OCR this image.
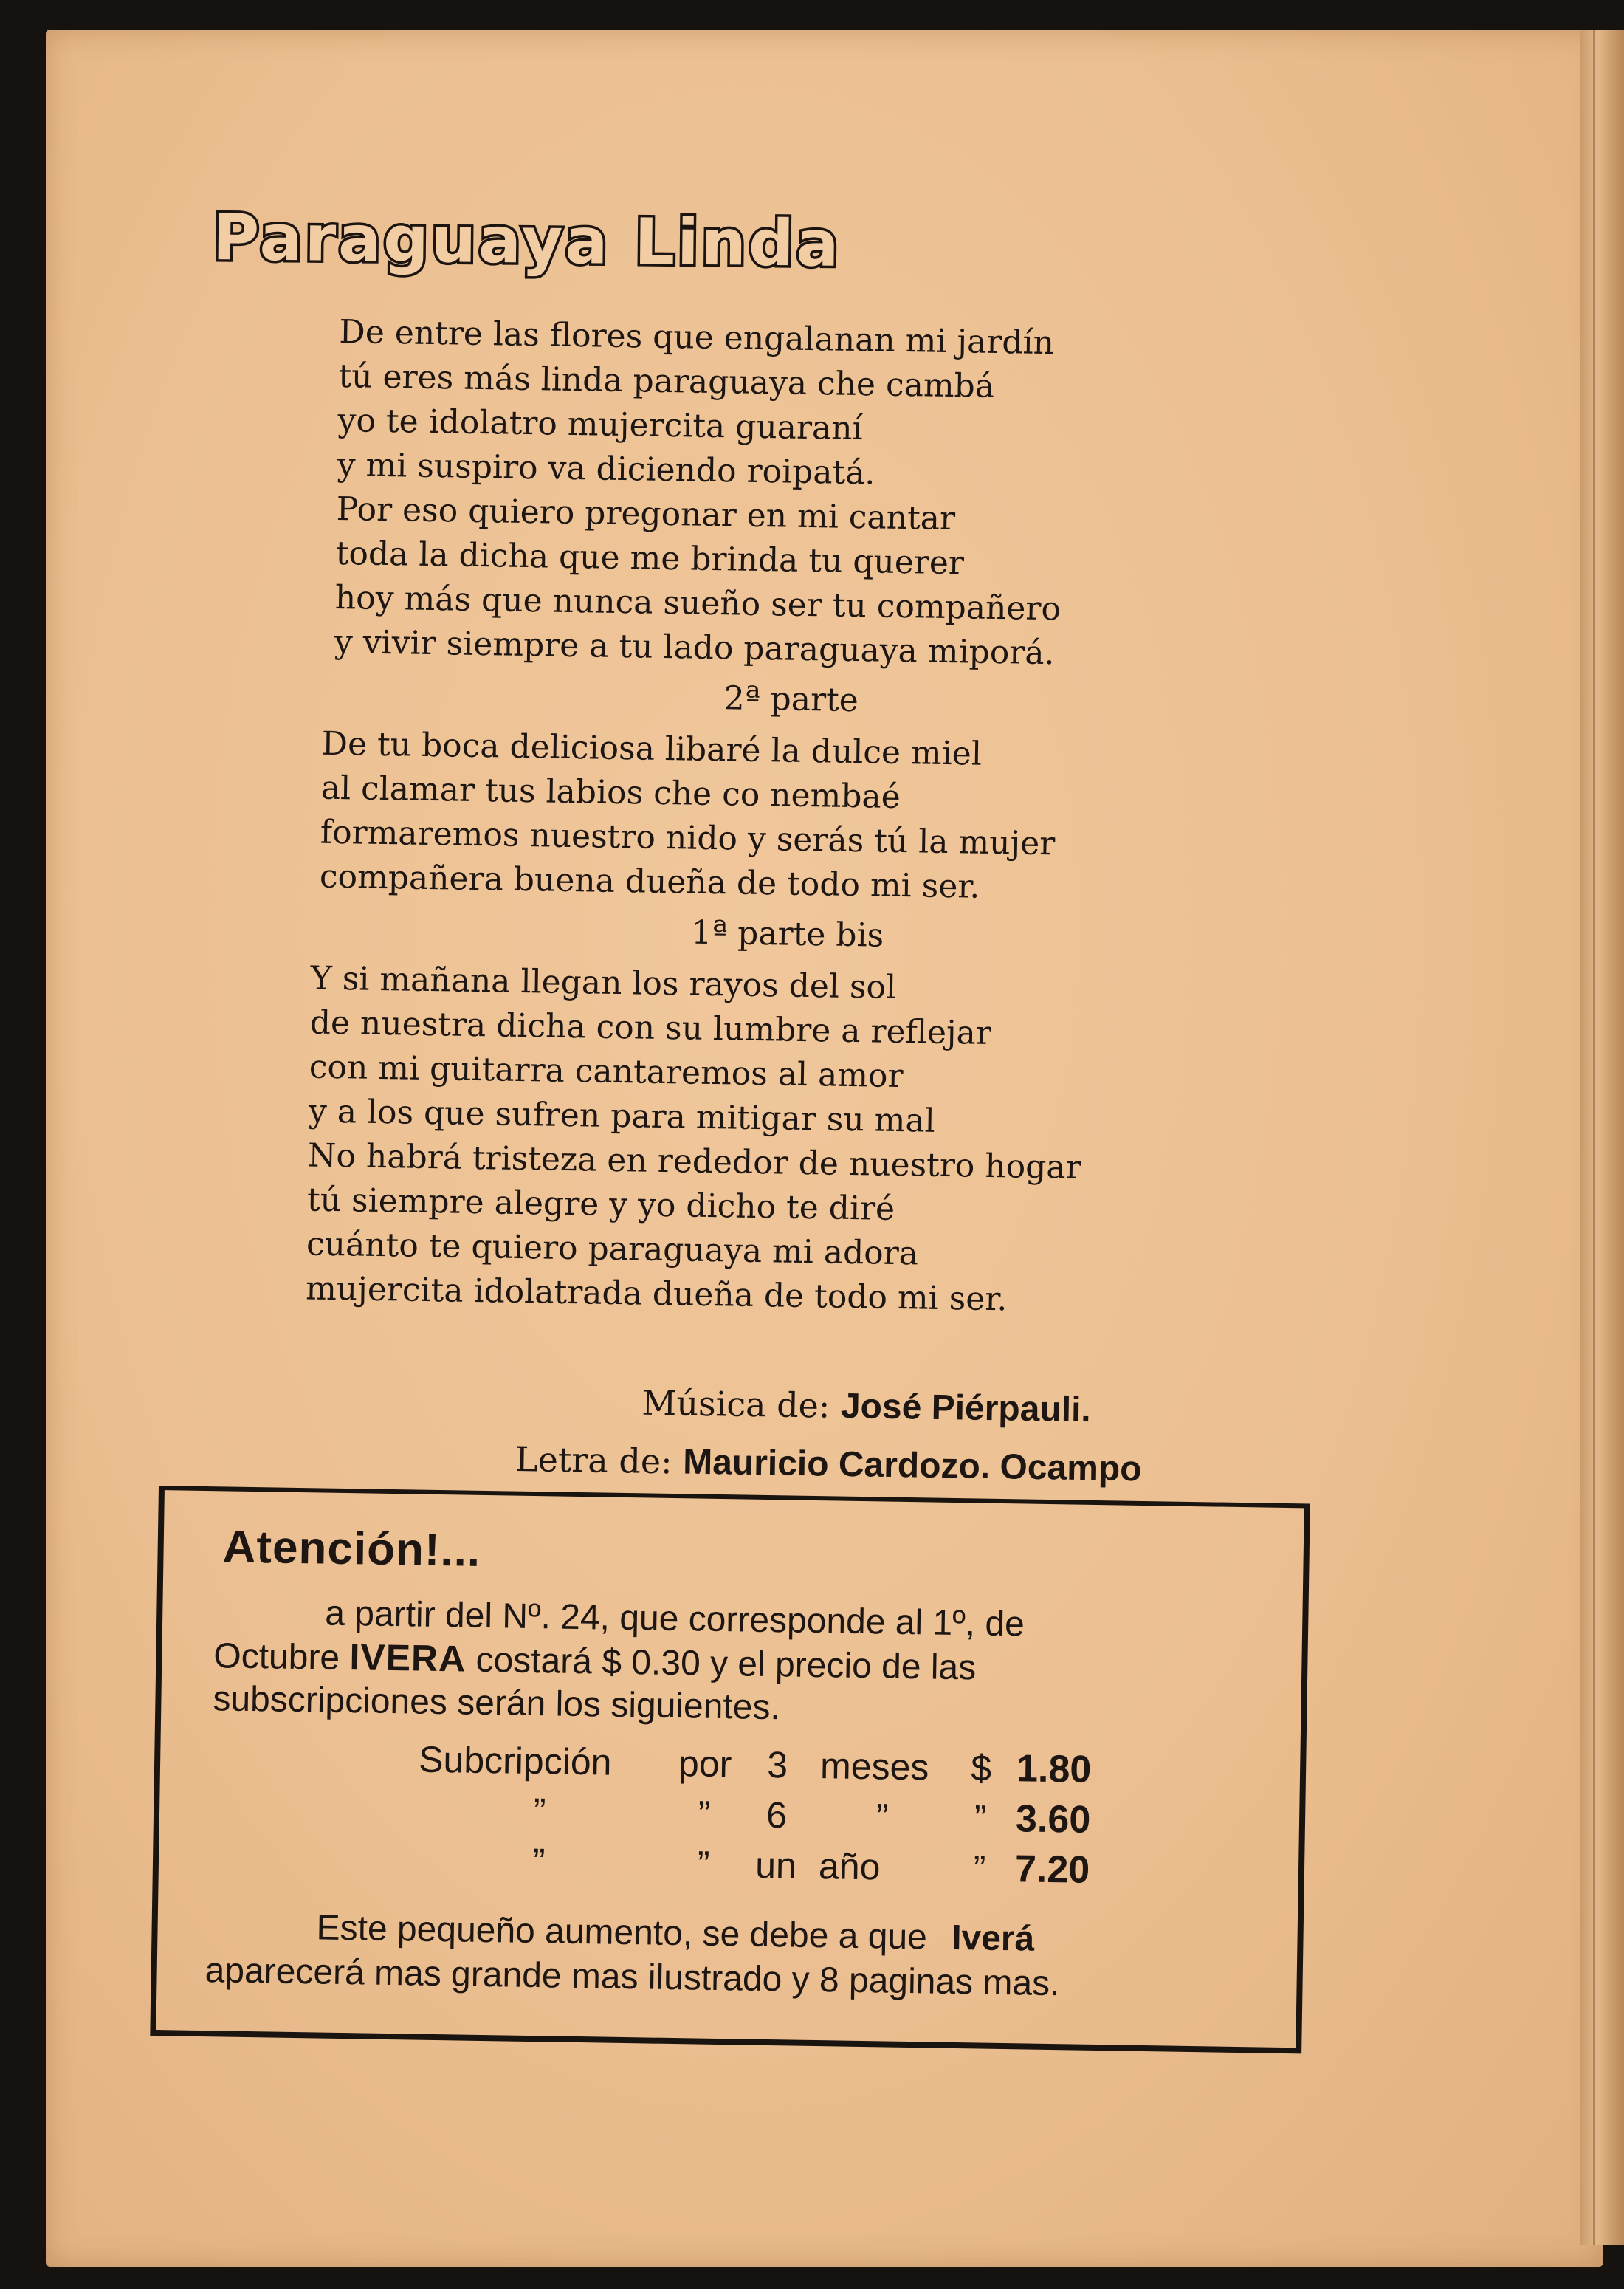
Paraguaya Linda
De entre las flores que engalanan mi jardín
tú eres más linda paraguaya che cambá
yo te idolatro mujercita guaraní
y mi suspiro va diciendo roipatá.
Por eso quiero pregonar en mi cantar
toda la dicha que me brinda tu querer
hoy más que nunca sueño ser tu compañero
y vivir siempre a tu lado paraguaya miporá.
2ª parte
De tu boca deliciosa libaré la dulce miel
al clamar tus labios che co nembaé
formaremos nuestro nido y serás tú la mujer
compañera buena dueña de todo mi ser.
1ª parte bis
Y si mañana llegan los rayos del sol
de nuestra dicha con su lumbre a reflejar
con mi guitarra cantaremos al amor
y a los que sufren para mitigar su mal
No habrá tristeza en rededor de nuestro hogar
tú siempre alegre y yo dicho te diré
cuánto te quiero paraguaya mi adora
mujercita idolatrada dueña de todo mi ser.
Música de: José Piérpauli.
Letra de: Mauricio Cardozo. Ocampo
Atención!...
a partir del Nº. 24, que corresponde al 1º, de
Octubre IVERA costará $ 0.30 y el precio de las
subscripciones serán los siguientes.
Subcripción	por	3	meses	$	1.80
”	”	6	”	”	3.60
”	”	un	año	”	7.20
Este pequeño aumento, se debe a que Iverá
aparecerá mas grande mas ilustrado y 8 paginas mas.
